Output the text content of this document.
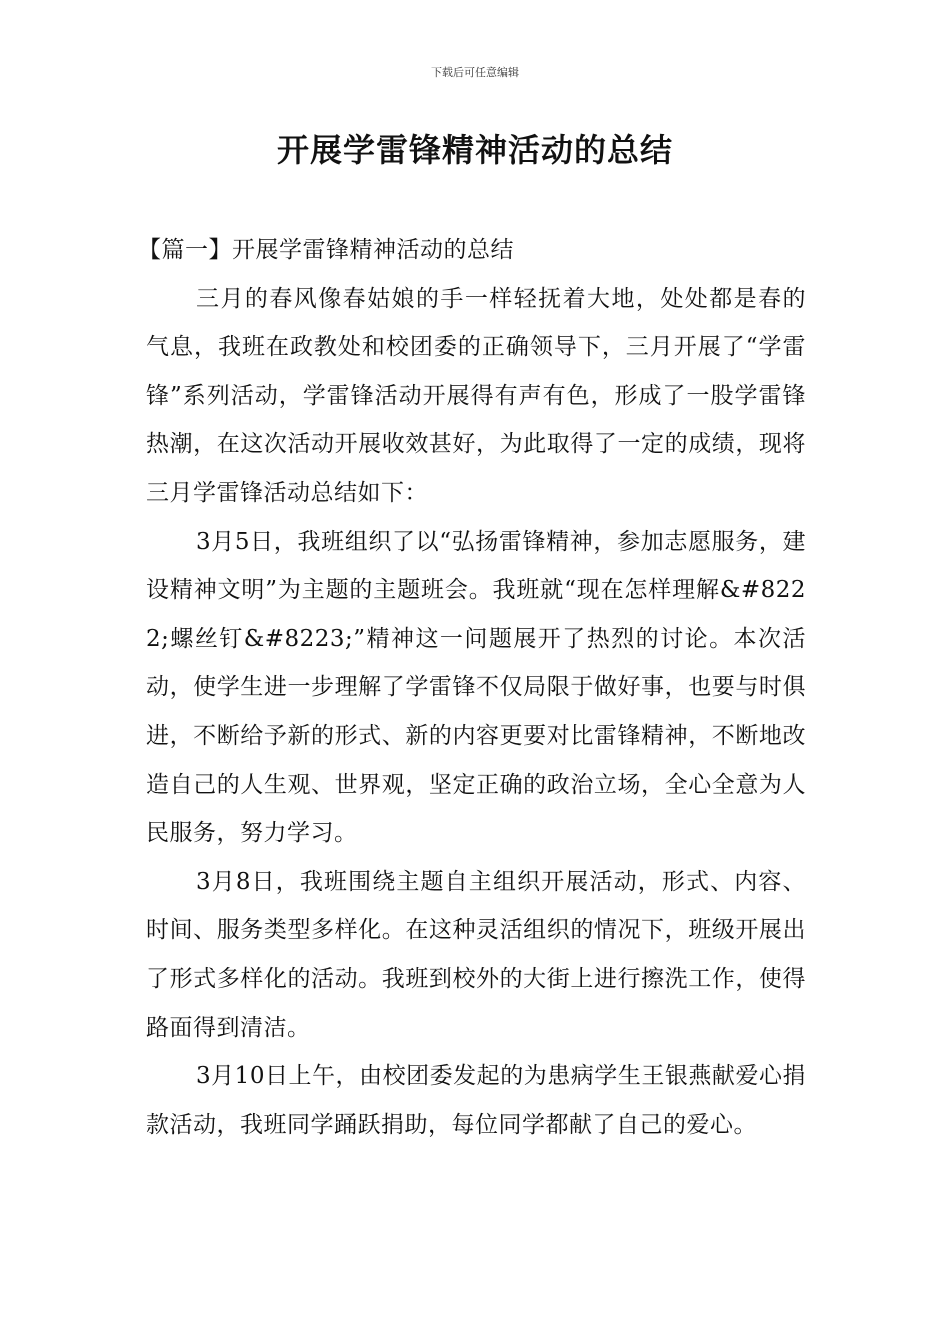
下载后可任意编辑
开展学雷锋精神活动的总结
【篇一】开展学雷锋精神活动的总结

三月的春风像春姑娘的手一样轻抚着大地，处处都是春的气息，我班在政教处和校团委的正确领导下，三月开展了“学雷锋”系列活动，学雷锋活动开展得有声有色，形成了一股学雷锋热潮，在这次活动开展收效甚好，为此取得了一定的成绩，现将三月学雷锋活动总结如下：

3月5日，我班组织了以“弘扬雷锋精神，参加志愿服务，建设精神文明”为主题的主题班会。我班就“现在怎样理解&#8222;螺丝钉&#8223;”精神这一问题展开了热烈的讨论。本次活动，使学生进一步理解了学雷锋不仅局限于做好事，也要与时俱进，不断给予新的形式、新的内容更要对比雷锋精神，不断地改造自己的人生观、世界观，坚定正确的政治立场，全心全意为人民服务，努力学习。

3月8日，我班围绕主题自主组织开展活动，形式、内容、时间、服务类型多样化。在这种灵活组织的情况下，班级开展出了形式多样化的活动。我班到校外的大街上进行擦洗工作，使得路面得到清洁。

3月10日上午，由校团委发起的为患病学生王银燕献爱心捐款活动，我班同学踊跃捐助，每位同学都献了自己的爱心。
